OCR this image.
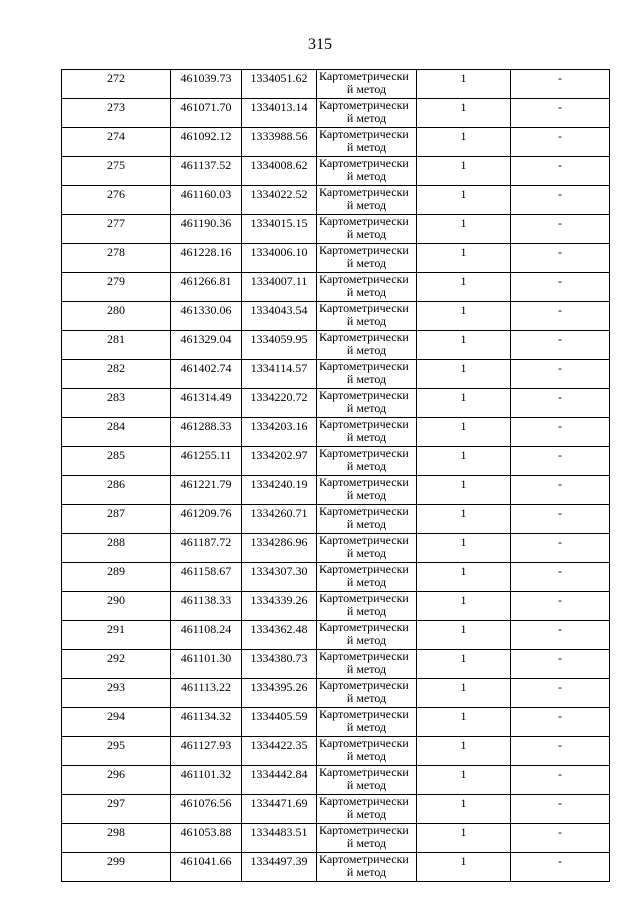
315
272	461039.73	1334051.62	Картометрически
й метод	1	-
273	461071.70	1334013.14	Картометрически
й метод	1	-
274	461092.12	1333988.56	Картометрически
й метод	1	-
275	461137.52	1334008.62	Картометрически
й метод	1	-
276	461160.03	1334022.52	Картометрически
й метод	1	-
277	461190.36	1334015.15	Картометрически
й метод	1	-
278	461228.16	1334006.10	Картометрически
й метод	1	-
279	461266.81	1334007.11	Картометрически
й метод	1	-
280	461330.06	1334043.54	Картометрически
й метод	1	-
281	461329.04	1334059.95	Картометрически
й метод	1	-
282	461402.74	1334114.57	Картометрически
й метод	1	-
283	461314.49	1334220.72	Картометрически
й метод	1	-
284	461288.33	1334203.16	Картометрически
й метод	1	-
285	461255.11	1334202.97	Картометрически
й метод	1	-
286	461221.79	1334240.19	Картометрически
й метод	1	-
287	461209.76	1334260.71	Картометрически
й метод	1	-
288	461187.72	1334286.96	Картометрически
й метод	1	-
289	461158.67	1334307.30	Картометрически
й метод	1	-
290	461138.33	1334339.26	Картометрически
й метод	1	-
291	461108.24	1334362.48	Картометрически
й метод	1	-
292	461101.30	1334380.73	Картометрически
й метод	1	-
293	461113.22	1334395.26	Картометрически
й метод	1	-
294	461134.32	1334405.59	Картометрически
й метод	1	-
295	461127.93	1334422.35	Картометрически
й метод	1	-
296	461101.32	1334442.84	Картометрически
й метод	1	-
297	461076.56	1334471.69	Картометрически
й метод	1	-
298	461053.88	1334483.51	Картометрически
й метод	1	-
299	461041.66	1334497.39	Картометрически
й метод	1	-
